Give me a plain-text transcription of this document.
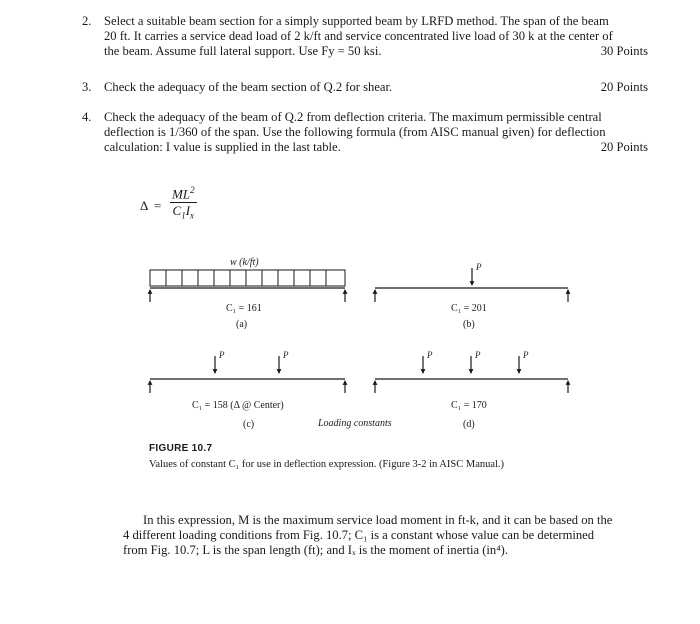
2. Select a suitable beam section for a simply supported beam by LRFD method. The span of the beam
20 ft. It carries a service dead load of 2 k/ft and service concentrated live load of 30 k at the center of
the beam. Assume full lateral support. Use Fy = 50 ksi.	30 Points
3. Check the adequacy of the beam section of Q.2 for shear.	20 Points
4. Check the adequacy of the beam of Q.2 from deflection criteria. The maximum permissible central
deflection is 1/360 of the span. Use the following formula (from AISC manual given) for deflection
calculation: I value is supplied in the last table.	20 Points
$\Delta = \frac{ML^2}{C_1I_x}$
w (k/ft)
C₁ = 161
(a)
P
C₁ = 201
(b)
P	P
C₁ = 158 (Δ @ Center)
(c)
P	P	P
C₁ = 170
(d)
Loading constants
FIGURE 10.7
Values of constant C₁ for use in deflection expression. (Figure 3-2 in AISC Manual.)
In this expression, M is the maximum service load moment in ft-k, and it can be based on the 4 different loading conditions from Fig. 10.7; C₁ is a constant whose value can be determined from Fig. 10.7; L is the span length (ft); and Iₓ is the moment of inertia (in⁴).
